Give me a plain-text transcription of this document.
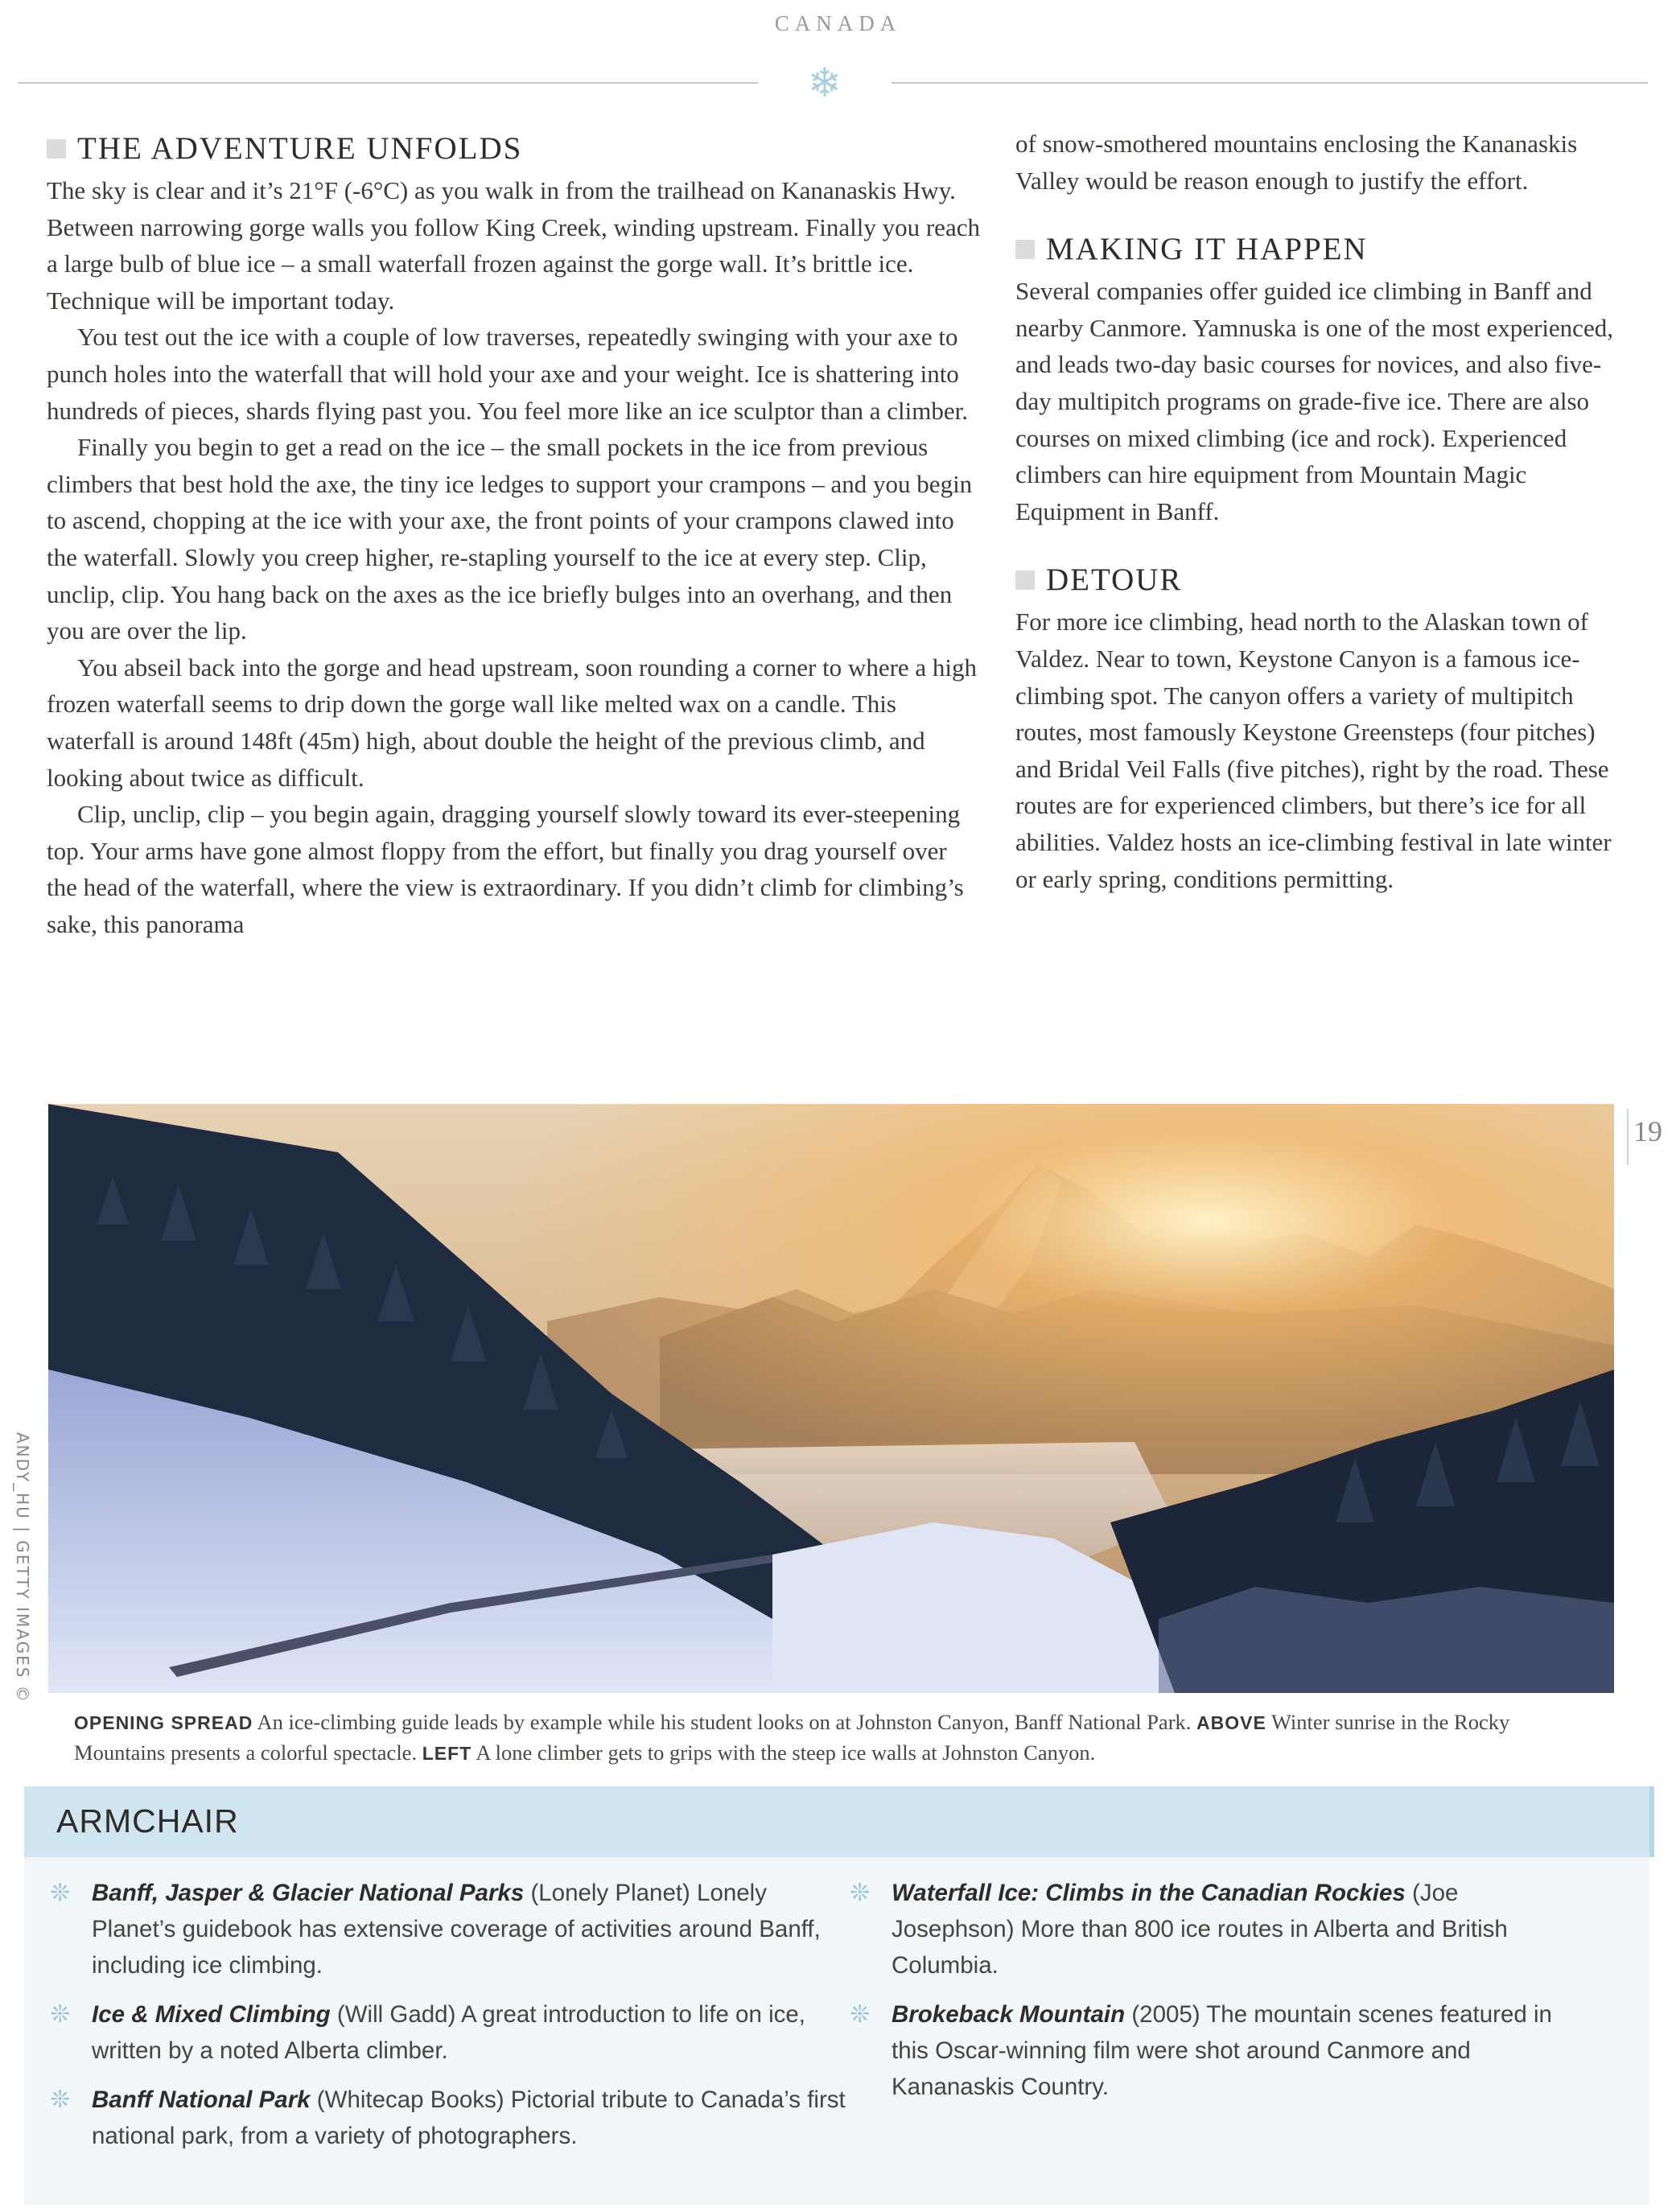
CANADA
❄
THE ADVENTURE UNFOLDS

The sky is clear and it’s 21°F (-6°C) as you walk in from the trailhead on Kananaskis Hwy. Between narrowing gorge walls you follow King Creek, winding upstream. Finally you reach a large bulb of blue ice – a small waterfall frozen against the gorge wall. It’s brittle ice. Technique will be important today.

You test out the ice with a couple of low traverses, repeatedly swinging with your axe to punch holes into the waterfall that will hold your axe and your weight. Ice is shattering into hundreds of pieces, shards flying past you. You feel more like an ice sculptor than a climber.

Finally you begin to get a read on the ice – the small pockets in the ice from previous climbers that best hold the axe, the tiny ice ledges to support your crampons – and you begin to ascend, chopping at the ice with your axe, the front points of your crampons clawed into the waterfall. Slowly you creep higher, re-stapling yourself to the ice at every step. Clip, unclip, clip. You hang back on the axes as the ice briefly bulges into an overhang, and then you are over the lip.

You abseil back into the gorge and head upstream, soon rounding a corner to where a high frozen waterfall seems to drip down the gorge wall like melted wax on a candle. This waterfall is around 148ft (45m) high, about double the height of the previous climb, and looking about twice as difficult.

Clip, unclip, clip – you begin again, dragging yourself slowly toward its ever-steepening top. Your arms have gone almost floppy from the effort, but finally you drag yourself over the head of the waterfall, where the view is extraordinary. If you didn’t climb for climbing’s sake, this panorama

of snow-smothered mountains enclosing the Kananaskis Valley would be reason enough to justify the effort.

MAKING IT HAPPEN

Several companies offer guided ice climbing in Banff and nearby Canmore. Yamnuska is one of the most experienced, and leads two-day basic courses for novices, and also five-day multipitch programs on grade-five ice. There are also courses on mixed climbing (ice and rock). Experienced climbers can hire equipment from Mountain Magic Equipment in Banff.

DETOUR

For more ice climbing, head north to the Alaskan town of Valdez. Near to town, Keystone Canyon is a famous ice-climbing spot. The canyon offers a variety of multipitch routes, most famously Keystone Greensteps (four pitches) and Bridal Veil Falls (five pitches), right by the road. These routes are for experienced climbers, but there’s ice for all abilities. Valdez hosts an ice-climbing festival in late winter or early spring, conditions permitting.

ANDY_HU | GETTY IMAGES ©
19
OPENING SPREAD An ice-climbing guide leads by example while his student looks on at Johnston Canyon, Banff National Park. ABOVE Winter sunrise in the Rocky Mountains presents a colorful spectacle. LEFT A lone climber gets to grips with the steep ice walls at Johnston Canyon.
ARMCHAIR
❊ Banff, Jasper & Glacier National Parks (Lonely Planet) Lonely Planet’s guidebook has extensive coverage of activities around Banff, including ice climbing.
❊ Ice & Mixed Climbing (Will Gadd) A great introduction to life on ice, written by a noted Alberta climber.
❊ Banff National Park (Whitecap Books) Pictorial tribute to Canada’s first national park, from a variety of photographers.
❊ Waterfall Ice: Climbs in the Canadian Rockies (Joe Josephson) More than 800 ice routes in Alberta and British Columbia.
❊ Brokeback Mountain (2005) The mountain scenes featured in this Oscar-winning film were shot around Canmore and Kananaskis Country.
